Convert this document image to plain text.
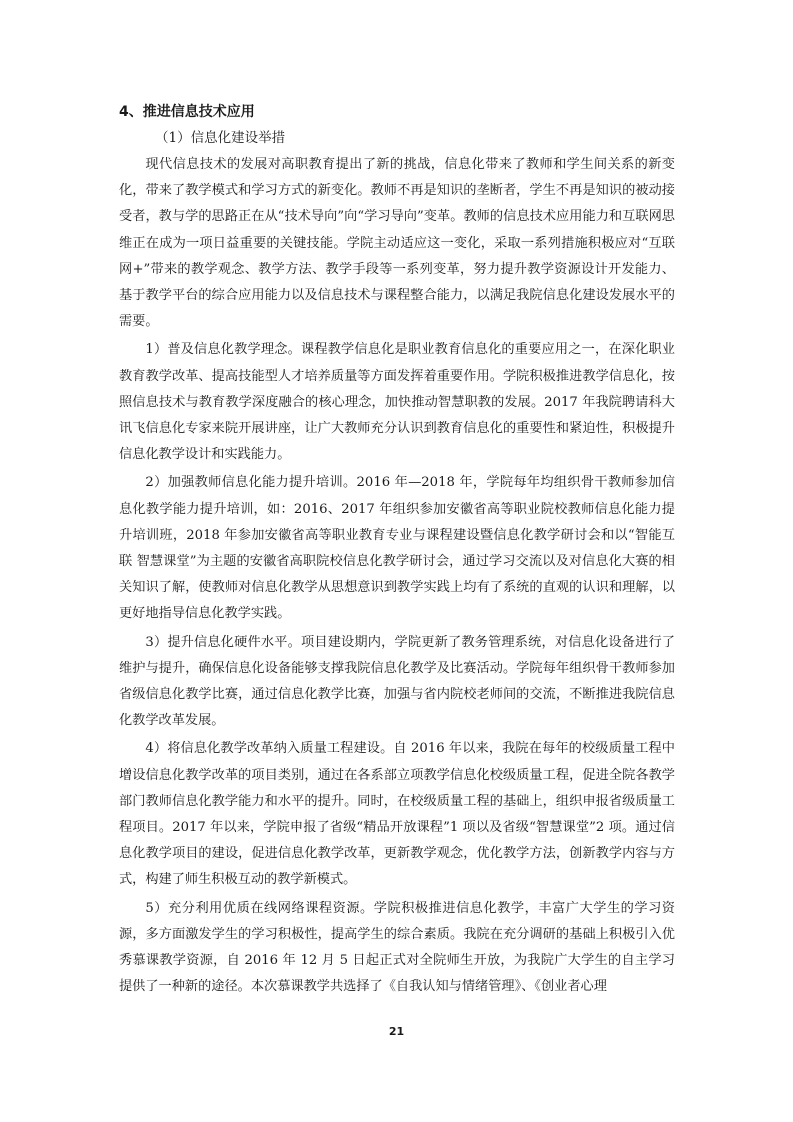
4、推进信息技术应用

（1）信息化建设举措

现代信息技术的发展对高职教育提出了新的挑战，信息化带来了教师和学生间关系的新变化，带来了教学模式和学习方式的新变化。教师不再是知识的垄断者，学生不再是知识的被动接受者，教与学的思路正在从“技术导向”向“学习导向”变革。教师的信息技术应用能力和互联网思维正在成为一项日益重要的关键技能。学院主动适应这一变化，采取一系列措施积极应对“互联网+”带来的教学观念、教学方法、教学手段等一系列变革，努力提升教学资源设计开发能力、基于教学平台的综合应用能力以及信息技术与课程整合能力，以满足我院信息化建设发展水平的需要。

1）普及信息化教学理念。课程教学信息化是职业教育信息化的重要应用之一，在深化职业教育教学改革、提高技能型人才培养质量等方面发挥着重要作用。学院积极推进教学信息化，按照信息技术与教育教学深度融合的核心理念，加快推动智慧职教的发展。2017 年我院聘请科大讯飞信息化专家来院开展讲座，让广大教师充分认识到教育信息化的重要性和紧迫性，积极提升信息化教学设计和实践能力。

2）加强教师信息化能力提升培训。2016 年—2018 年，学院每年均组织骨干教师参加信息化教学能力提升培训，如：2016、2017 年组织参加安徽省高等职业院校教师信息化能力提升培训班，2018 年参加安徽省高等职业教育专业与课程建设暨信息化教学研讨会和以“智能互联 智慧课堂”为主题的安徽省高职院校信息化教学研讨会，通过学习交流以及对信息化大赛的相关知识了解，使教师对信息化教学从思想意识到教学实践上均有了系统的直观的认识和理解，以更好地指导信息化教学实践。

3）提升信息化硬件水平。项目建设期内，学院更新了教务管理系统，对信息化设备进行了维护与提升，确保信息化设备能够支撑我院信息化教学及比赛活动。学院每年组织骨干教师参加省级信息化教学比赛，通过信息化教学比赛，加强与省内院校老师间的交流，不断推进我院信息化教学改革发展。

4）将信息化教学改革纳入质量工程建设。自 2016 年以来，我院在每年的校级质量工程中增设信息化教学改革的项目类别，通过在各系部立项教学信息化校级质量工程，促进全院各教学部门教师信息化教学能力和水平的提升。同时，在校级质量工程的基础上，组织申报省级质量工程项目。2017 年以来，学院申报了省级“精品开放课程”1 项以及省级“智慧课堂”2 项。通过信息化教学项目的建设，促进信息化教学改革，更新教学观念，优化教学方法，创新教学内容与方式，构建了师生积极互动的教学新模式。

5）充分利用优质在线网络课程资源。学院积极推进信息化教学，丰富广大学生的学习资源，多方面激发学生的学习积极性，提高学生的综合素质。我院在充分调研的基础上积极引入优秀慕课教学资源，自 2016 年 12 月 5 日起正式对全院师生开放，为我院广大学生的自主学习提供了一种新的途径。本次慕课教学共选择了《自我认知与情绪管理》、《创业者心理

21
